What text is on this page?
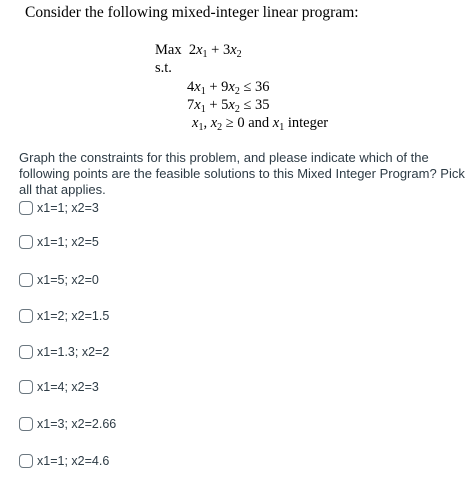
Consider the following mixed-integer linear program:
Max $2x_1 + 3x_2$
s.t.
$4x_1 + 9x_2 \le 36$
$7x_1 + 5x_2 \le 35$
$x_1$, $x_2 \ge 0$ and $x_1$ integer
Graph the constraints for this problem, and please indicate which of the following points are the feasible solutions to this Mixed Integer Program? Pick all that applies.
x1=1; x2=3
x1=1; x2=5
x1=5; x2=0
x1=2; x2=1.5
x1=1.3; x2=2
x1=4; x2=3
x1=3; x2=2.66
x1=1; x2=4.6
